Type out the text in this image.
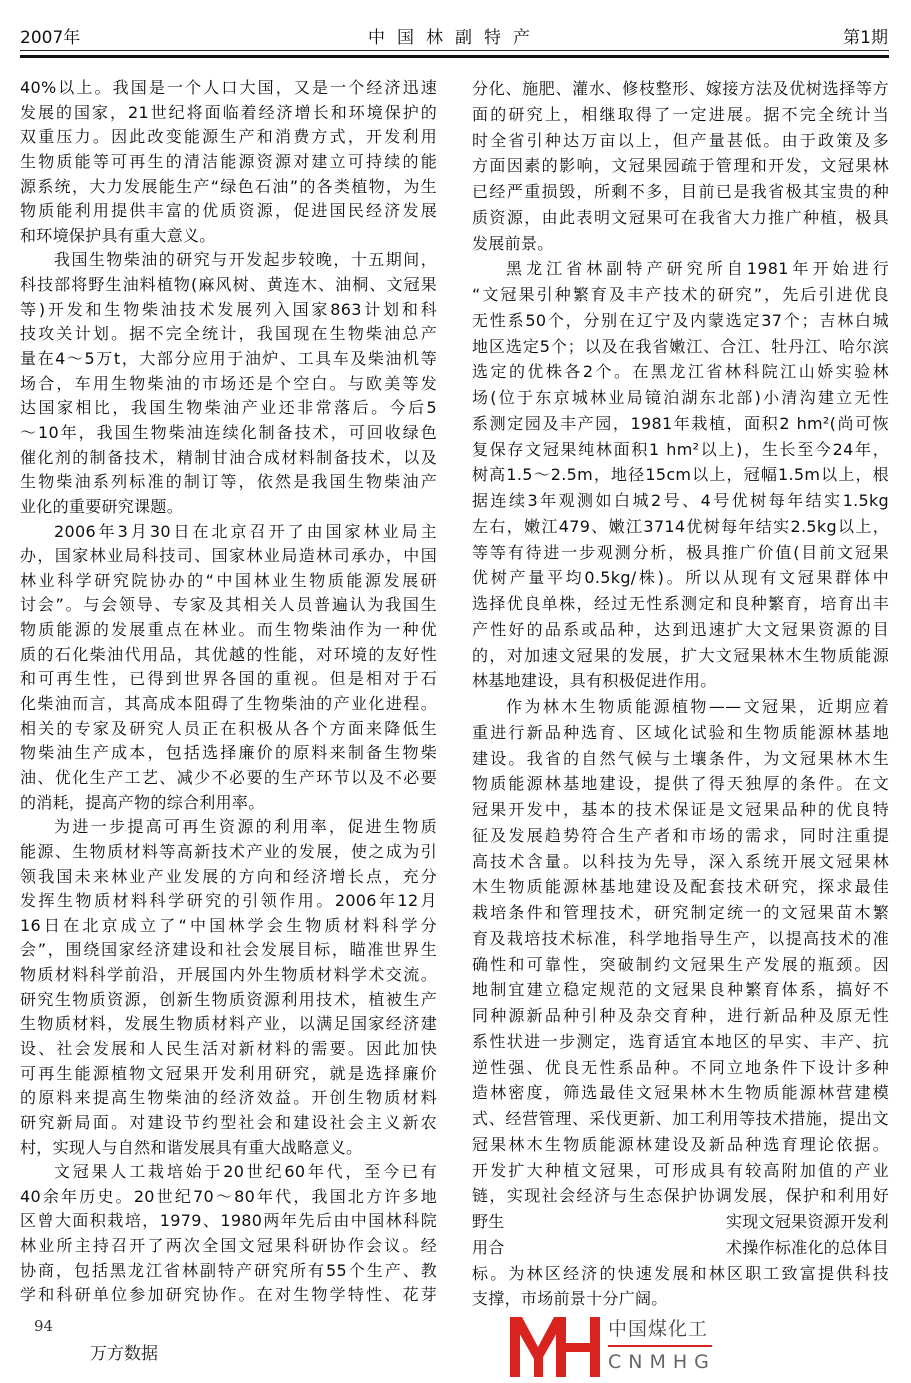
2007年	中国林副特产	第1期
40%以上。我国是一个人口大国，又是一个经济迅速
发展的国家，21世纪将面临着经济增长和环境保护的
双重压力。因此改变能源生产和消费方式，开发利用
生物质能等可再生的清洁能源资源对建立可持续的能
源系统，大力发展能生产“绿色石油”的各类植物，为生
物质能利用提供丰富的优质资源，促进国民经济发展
和环境保护具有重大意义。
我国生物柴油的研究与开发起步较晚，十五期间，
科技部将野生油料植物(麻风树、黄连木、油桐、文冠果
等)开发和生物柴油技术发展列入国家863计划和科
技攻关计划。据不完全统计，我国现在生物柴油总产
量在4～5万t，大部分应用于油炉、工具车及柴油机等
场合，车用生物柴油的市场还是个空白。与欧美等发
达国家相比，我国生物柴油产业还非常落后。今后5
～10年，我国生物柴油连续化制备技术，可回收绿色
催化剂的制备技术，精制甘油合成材料制备技术，以及
生物柴油系列标准的制订等，依然是我国生物柴油产
业化的重要研究课题。
2006年3月30日在北京召开了由国家林业局主
办，国家林业局科技司、国家林业局造林司承办，中国
林业科学研究院协办的“中国林业生物质能源发展研
讨会”。与会领导、专家及其相关人员普遍认为我国生
物质能源的发展重点在林业。而生物柴油作为一种优
质的石化柴油代用品，其优越的性能，对环境的友好性
和可再生性，已得到世界各国的重视。但是相对于石
化柴油而言，其高成本阻碍了生物柴油的产业化进程。
相关的专家及研究人员正在积极从各个方面来降低生
物柴油生产成本，包括选择廉价的原料来制备生物柴
油、优化生产工艺、减少不必要的生产环节以及不必要
的消耗，提高产物的综合利用率。
为进一步提高可再生资源的利用率，促进生物质
能源、生物质材料等高新技术产业的发展，使之成为引
领我国未来林业产业发展的方向和经济增长点，充分
发挥生物质材料科学研究的引领作用。2006年12月
16日在北京成立了“中国林学会生物质材料科学分
会”，围绕国家经济建设和社会发展目标，瞄准世界生
物质材料科学前沿，开展国内外生物质材料学术交流。
研究生物质资源，创新生物质资源利用技术，植被生产
生物质材料，发展生物质材料产业，以满足国家经济建
设、社会发展和人民生活对新材料的需要。因此加快
可再生能源植物文冠果开发利用研究，就是选择廉价
的原料来提高生物柴油的经济效益。开创生物质材料
研究新局面。对建设节约型社会和建设社会主义新农
村，实现人与自然和谐发展具有重大战略意义。
文冠果人工栽培始于20世纪60年代，至今已有
40余年历史。20世纪70～80年代，我国北方许多地
区曾大面积栽培，1979、1980两年先后由中国林科院
林业所主持召开了两次全国文冠果科研协作会议。经
协商，包括黑龙江省林副特产研究所有55个生产、教
学和科研单位参加研究协作。在对生物学特性、花芽
分化、施肥、灌水、修枝整形、嫁接方法及优树选择等方
面的研究上，相继取得了一定进展。据不完全统计当
时全省引种达万亩以上，但产量甚低。由于政策及多
方面因素的影响，文冠果园疏于管理和开发，文冠果林
已经严重损毁，所剩不多，目前已是我省极其宝贵的种
质资源，由此表明文冠果可在我省大力推广种植，极具
发展前景。
黑龙江省林副特产研究所自1981年开始进行
“文冠果引种繁育及丰产技术的研究”，先后引进优良
无性系50个，分别在辽宁及内蒙选定37个；吉林白城
地区选定5个；以及在我省嫩江、合江、牡丹江、哈尔滨
选定的优株各2个。在黑龙江省林科院江山娇实验林
场(位于东京城林业局镜泊湖东北部)小清沟建立无性
系测定园及丰产园，1981年栽植，面积2 hm²(尚可恢
复保存文冠果纯林面积1 hm²以上)，生长至今24年，
树高1.5～2.5m，地径15cm以上，冠幅1.5m以上，根
据连续3年观测如白城2号、4号优树每年结实1.5kg
左右，嫩江479、嫩江3714优树每年结实2.5kg以上，
等等有待进一步观测分析，极具推广价值(目前文冠果
优树产量平均0.5kg/株)。所以从现有文冠果群体中
选择优良单株，经过无性系测定和良种繁育，培育出丰
产性好的品系或品种，达到迅速扩大文冠果资源的目
的，对加速文冠果的发展，扩大文冠果林木生物质能源
林基地建设，具有积极促进作用。
作为林木生物质能源植物——文冠果，近期应着
重进行新品种选育、区域化试验和生物质能源林基地
建设。我省的自然气候与土壤条件，为文冠果林木生
物质能源林基地建设，提供了得天独厚的条件。在文
冠果开发中，基本的技术保证是文冠果品种的优良特
征及发展趋势符合生产者和市场的需求，同时注重提
高技术含量。以科技为先导，深入系统开展文冠果林
木生物质能源林基地建设及配套技术研究，探求最佳
栽培条件和管理技术，研究制定统一的文冠果苗木繁
育及栽培技术标准，科学地指导生产，以提高技术的准
确性和可靠性，突破制约文冠果生产发展的瓶颈。因
地制宜建立稳定规范的文冠果良种繁育体系，搞好不
同种源新品种引种及杂交育种，进行新品种及原无性
系性状进一步测定，选育适宜本地区的早实、丰产、抗
逆性强、优良无性系品种。不同立地条件下设计多种
造林密度，筛选最佳文冠果林木生物质能源林营建模
式、经营管理、采伐更新、加工利用等技术措施，提出文
冠果林木生物质能源林建设及新品种选育理论依据。
开发扩大种植文冠果，可形成具有较高附加值的产业
链，实现社会经济与生态保护协调发展，保护和利用好
野生	实现文冠果资源开发利
用合	术操作标准化的总体目
标。为林区经济的快速发展和林区职工致富提供科技
支撑，市场前景十分广阔。
中国煤化工
CNMHG
94
万方数据
